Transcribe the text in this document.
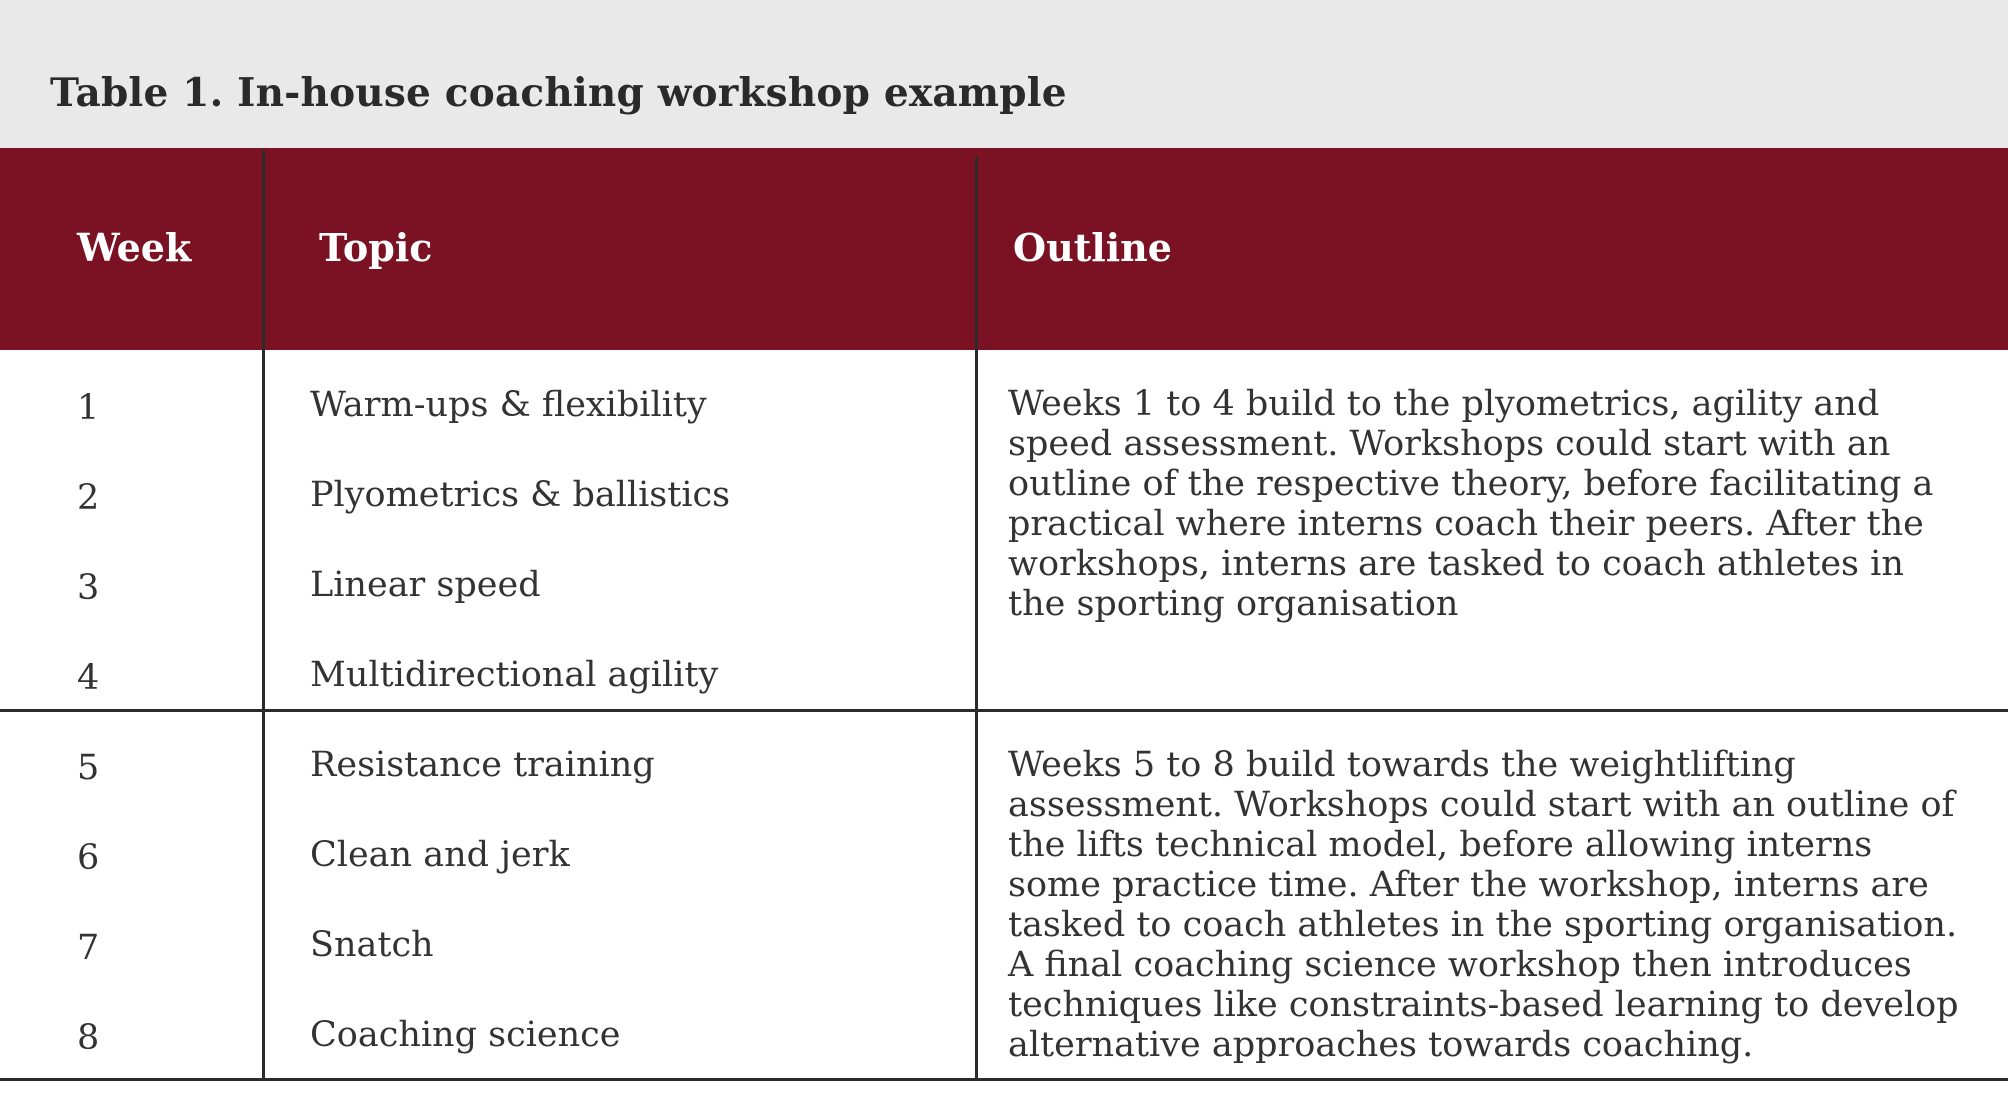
Table 1. In-house coaching workshop example
Week	Topic	Outline
1	Warm-ups & flexibility
2	Plyometrics & ballistics
3	Linear speed
4	Multidirectional agility
Weeks 1 to 4 build to the plyometrics, agility and speed assessment. Workshops could start with an outline of the respective theory, before facilitating a practical where interns coach their peers. After the workshops, interns are tasked to coach athletes in the sporting organisation
5	Resistance training
6	Clean and jerk
7	Snatch
8	Coaching science
Weeks 5 to 8 build towards the weightlifting assessment. Workshops could start with an outline of the lifts technical model, before allowing interns some practice time. After the workshop, interns are tasked to coach athletes in the sporting organisation. A final coaching science workshop then introduces techniques like constraints-based learning to develop alternative approaches towards coaching.
